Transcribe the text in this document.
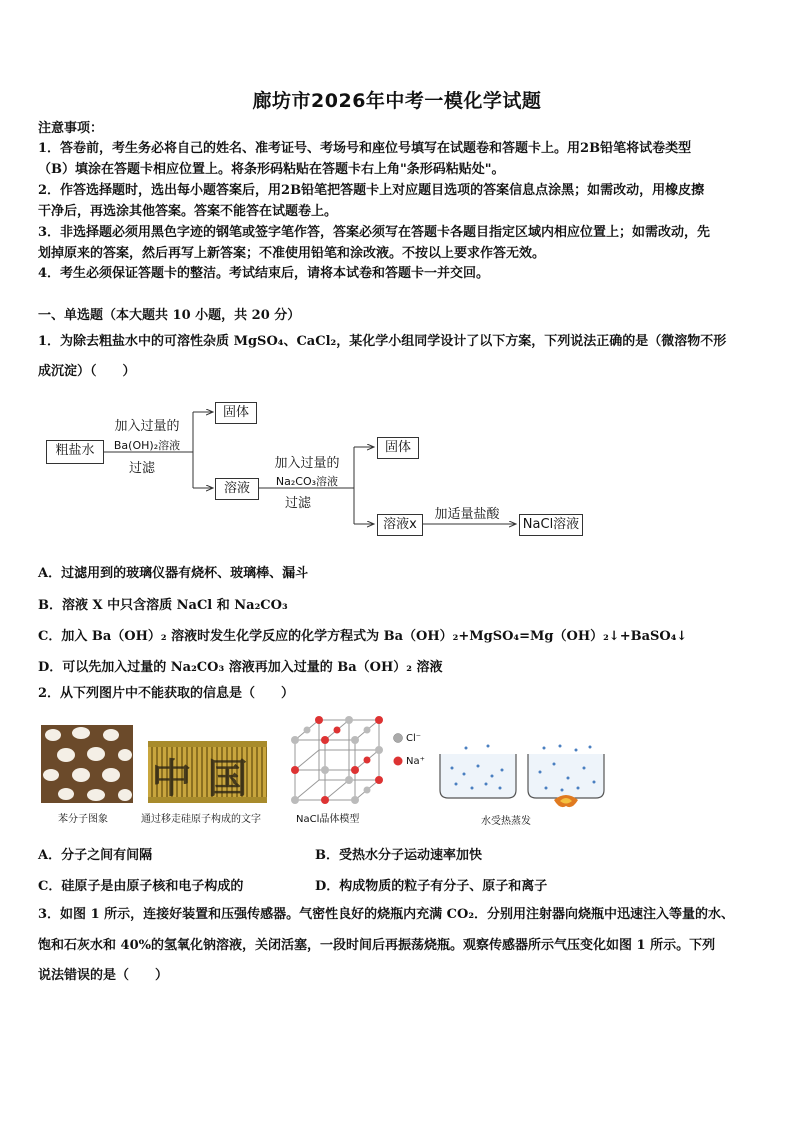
廊坊市2026年中考一模化学试题
注意事项：
1．答卷前，考生务必将自己的姓名、准考证号、考场号和座位号填写在试题卷和答题卡上。用2B铅笔将试卷类型
（B）填涂在答题卡相应位置上。将条形码粘贴在答题卡右上角"条形码粘贴处"。
2．作答选择题时，选出每小题答案后，用2B铅笔把答题卡上对应题目选项的答案信息点涂黑；如需改动，用橡皮擦
干净后，再选涂其他答案。答案不能答在试题卷上。
3．非选择题必须用黑色字迹的钢笔或签字笔作答，答案必须写在答题卡各题目指定区域内相应位置上；如需改动，先
划掉原来的答案，然后再写上新答案；不准使用铅笔和涂改液。不按以上要求作答无效。
4．考生必须保证答题卡的整洁。考试结束后，请将本试卷和答题卡一并交回。
一、单选题（本大题共 10 小题，共 20 分）
1．为除去粗盐水中的可溶性杂质 MgSO₄、CaCl₂，某化学小组同学设计了以下方案，下列说法正确的是（微溶物不形
成沉淀）（　　）
粗盐水
加入过量的
Ba(OH)₂溶液
过滤
固体
溶液
加入过量的
Na₂CO₃溶液
过滤
固体
溶液x
加适量盐酸
NaCl溶液
A．过滤用到的玻璃仪器有烧杯、玻璃棒、漏斗
B．溶液 X 中只含溶质 NaCl 和 Na₂CO₃
C．加入 Ba（OH）₂ 溶液时发生化学反应的化学方程式为 Ba（OH）₂+MgSO₄=Mg（OH）₂↓+BaSO₄↓
D．可以先加入过量的 Na₂CO₃ 溶液再加入过量的 Ba（OH）₂ 溶液
2．从下列图片中不能获取的信息是（　　）
苯分子图象
中国
通过移走硅原子构成的文字
Cl⁻
Na⁺
NaCl晶体模型	水受热蒸发
A．分子之间有间隔	B．受热水分子运动速率加快
C．硅原子是由原子核和电子构成的	D．构成物质的粒子有分子、原子和离子
3．如图 1 所示，连接好装置和压强传感器。气密性良好的烧瓶内充满 CO₂．分别用注射器向烧瓶中迅速注入等量的水、
饱和石灰水和 40%的氢氧化钠溶液，关闭活塞，一段时间后再振荡烧瓶。观察传感器所示气压变化如图 1 所示。下列
说法错误的是（　　）
